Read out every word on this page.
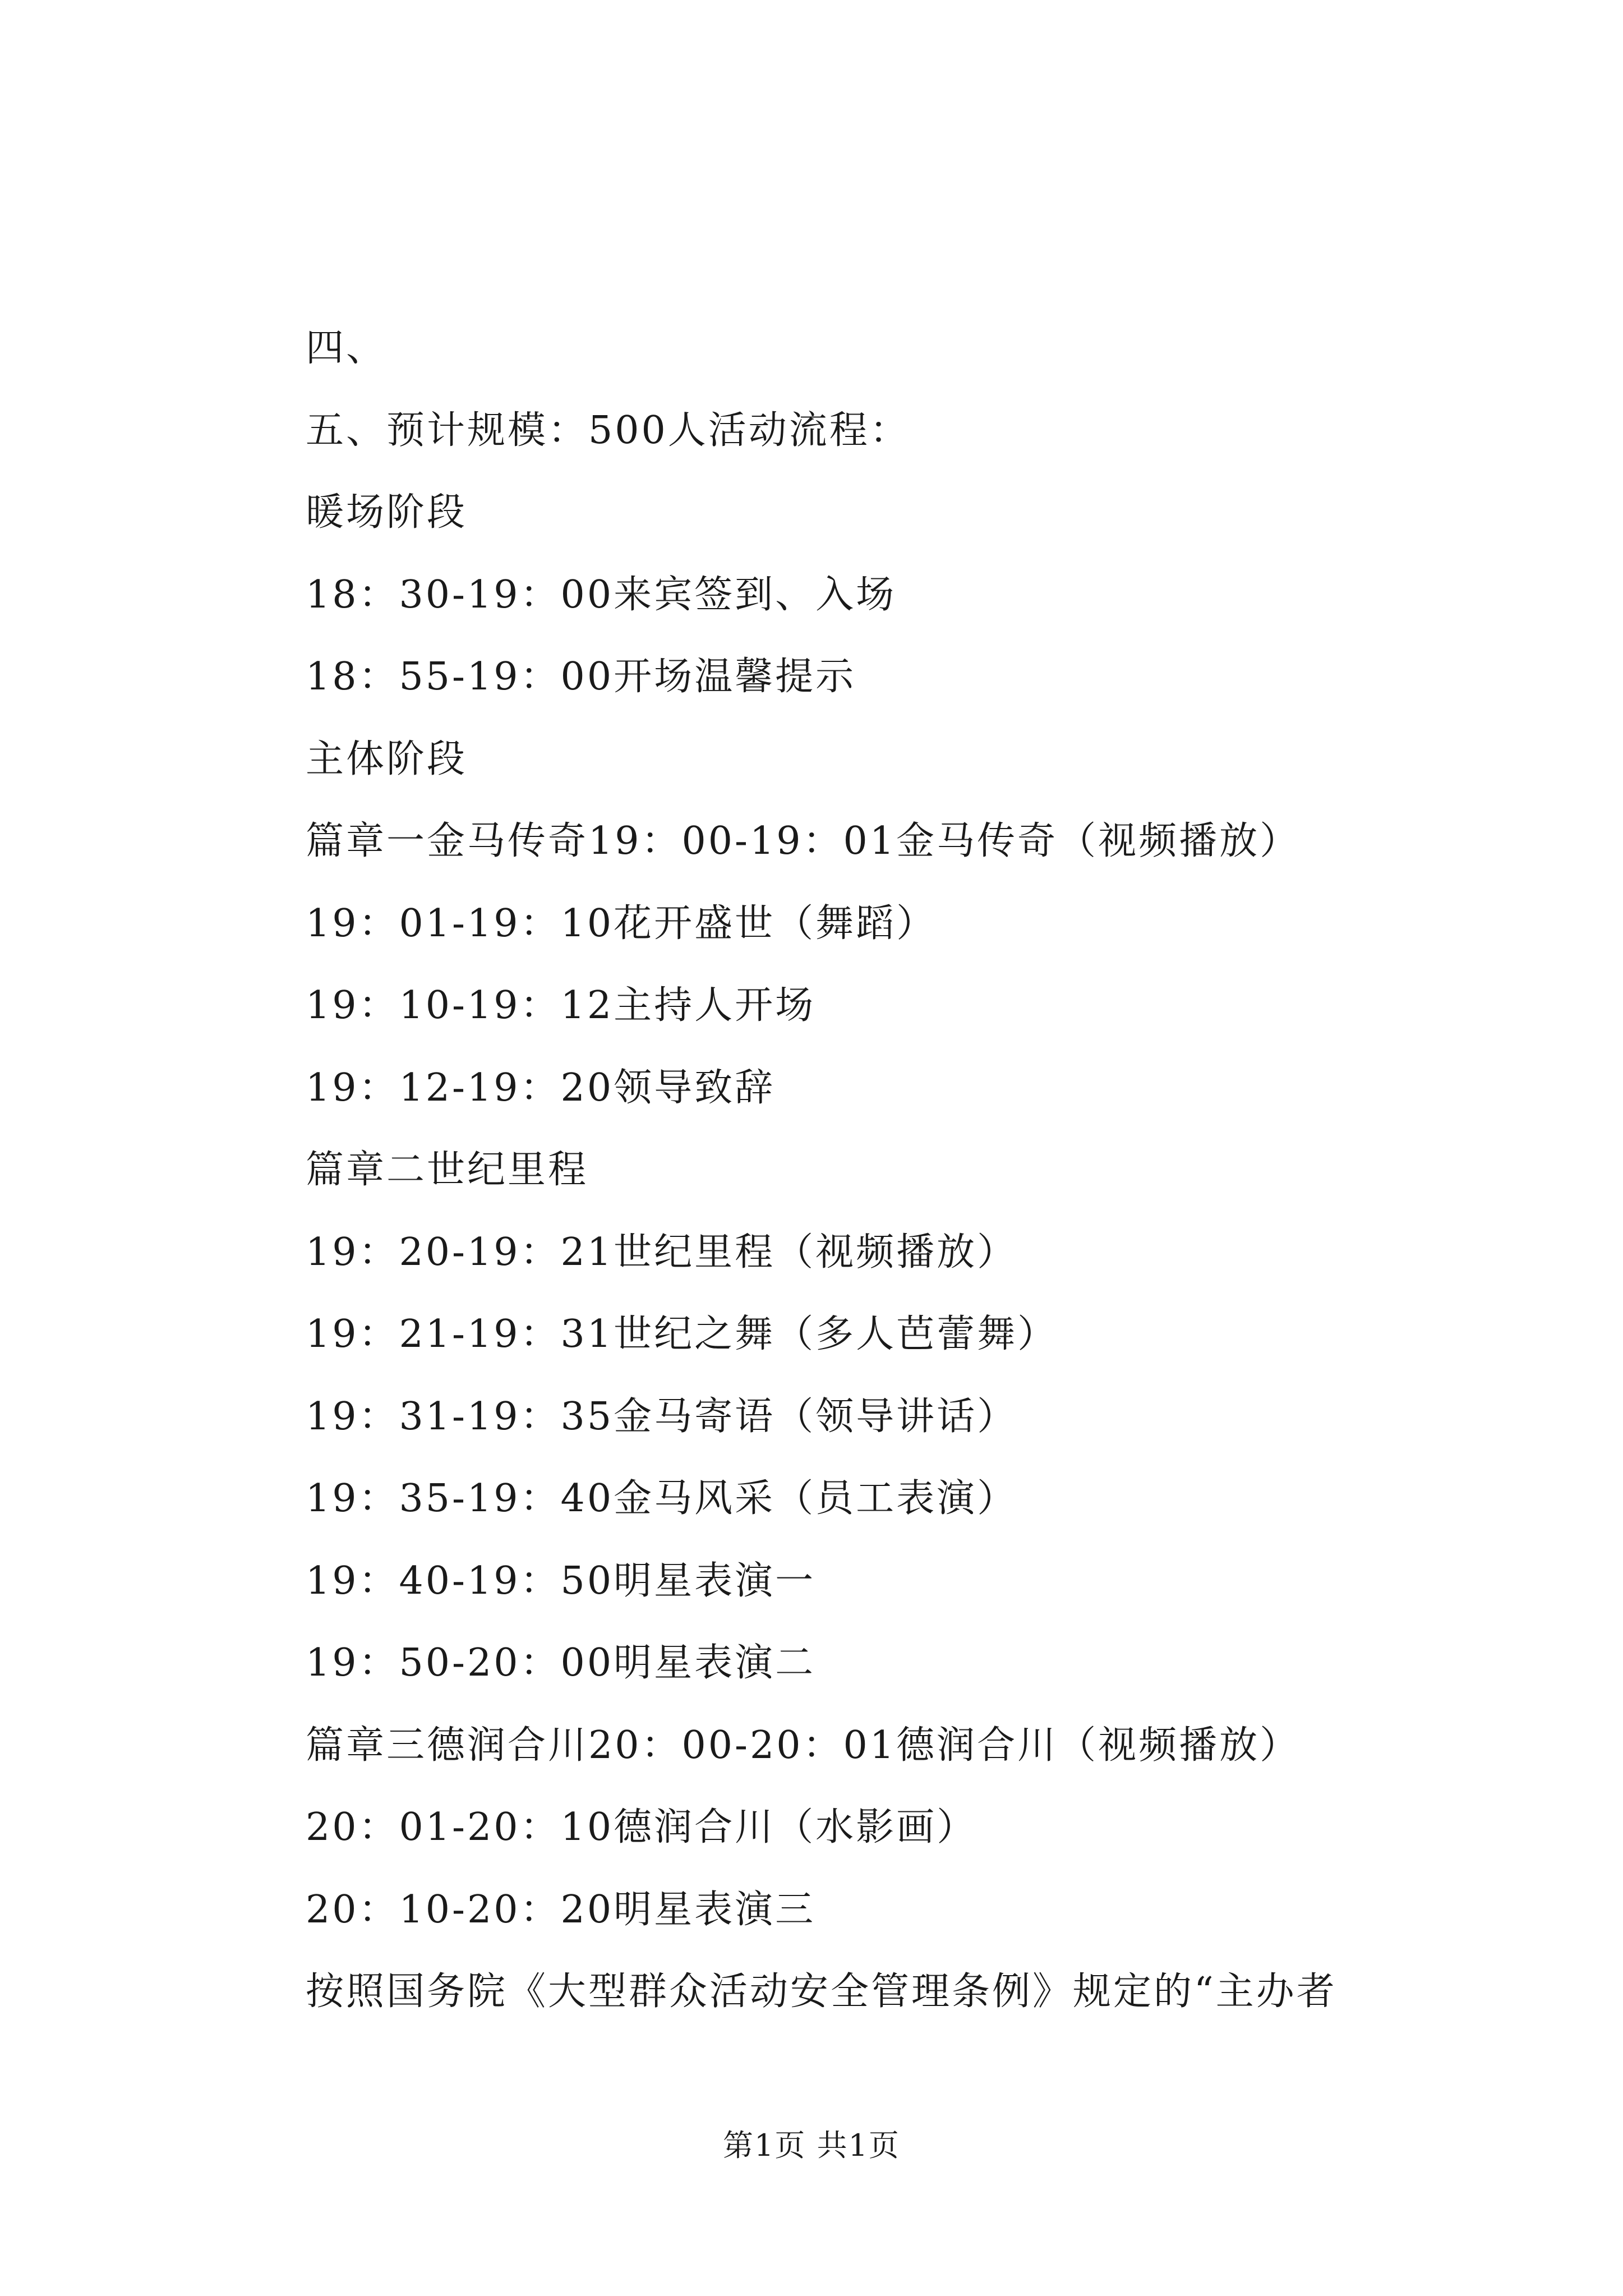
四、
五、预计规模：500人活动流程：
暖场阶段
18：30-19：00来宾签到、入场
18：55-19：00开场温馨提示
主体阶段
篇章一金马传奇19：00-19：01金马传奇（视频播放）
19：01-19：10花开盛世（舞蹈）
19：10-19：12主持人开场
19：12-19：20领导致辞
篇章二世纪里程
19：20-19：21世纪里程（视频播放）
19：21-19：31世纪之舞（多人芭蕾舞）
19：31-19：35金马寄语（领导讲话）
19：35-19：40金马风采（员工表演）
19：40-19：50明星表演一
19：50-20：00明星表演二
篇章三德润合川20：00-20：01德润合川（视频播放）
20：01-20：10德润合川（水影画）
20：10-20：20明星表演三
按照国务院《大型群众活动安全管理条例》规定的“主办者
第1页 共1页
